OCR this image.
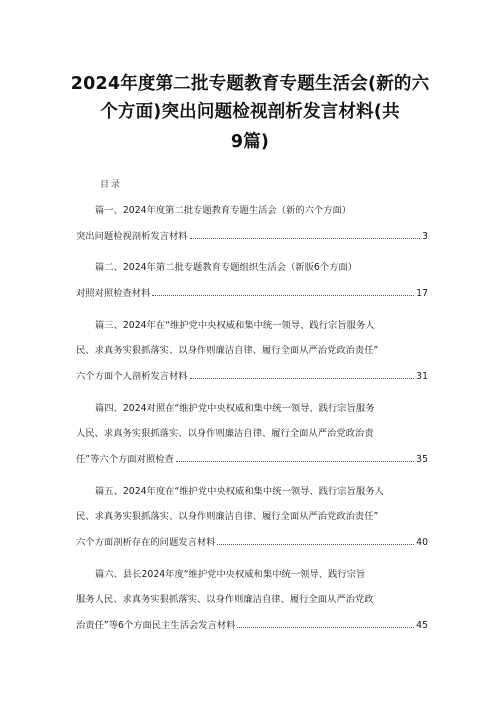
2024年度第二批专题教育专题生活会(新的六
个方面)突出问题检视剖析发言材料(共
9篇)
目录
篇一、2024年度第二批专题教育专题生活会（新的六个方面）
突出问题检视剖析发言材料	3
篇二、2024年第二批专题教育专题组织生活会（新版6个方面）
对照对照检查材料	17
篇三、2024年在“维护党中央权威和集中统一领导、践行宗旨服务人
民、求真务实狠抓落实、以身作则廉洁自律、履行全面从严治党政治责任”
六个方面个人剖析发言材料	31
篇四、2024对照在“维护党中央权威和集中统一领导、践行宗旨服务
人民、求真务实狠抓落实、以身作则廉洁自律、履行全面从严治党政治责
任”等六个方面对照检查	35
篇五、2024年度在“维护党中央权威和集中统一领导、践行宗旨服务人
民、求真务实狠抓落实、以身作则廉洁自律、履行全面从严治党政治责任”
六个方面剖析存在的问题发言材料	40
篇六、县长2024年度“维护党中央权威和集中统一领导、践行宗旨
服务人民、求真务实狠抓落实、以身作则廉洁自律、履行全面从严治党政
治责任”等6个方面民主生活会发言材料	45
